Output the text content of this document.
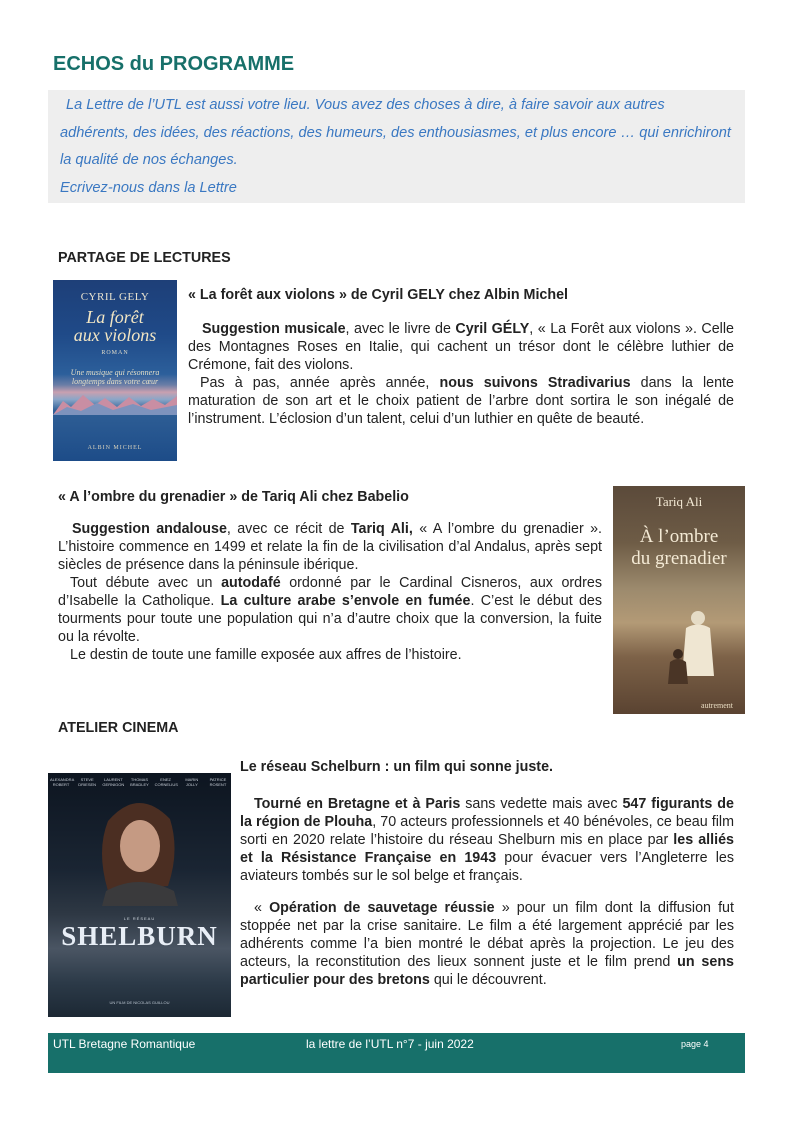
ECHOS du PROGRAMME
La Lettre de l’UTL est aussi votre lieu. Vous avez des choses à dire, à faire savoir aux autres adhérents, des idées, des réactions, des humeurs, des enthousiasmes, et plus encore … qui enrichiront la qualité de nos échanges.
Ecrivez-nous dans la Lettre
PARTAGE DE LECTURES
CYRIL GELY
La forêt
aux violons
ROMAN
Une musique qui résonnera longtemps dans votre cœur
ALBIN MICHEL
« La forêt aux violons » de Cyril GELY chez Albin Michel

Suggestion musicale, avec le livre de Cyril GÉLY, « La Forêt aux violons ». Celle des Montagnes Roses en Italie, qui cachent un trésor dont le célèbre luthier de Crémone, fait des violons.

Pas à pas, année après année, nous suivons Stradivarius dans la lente maturation de son art et le choix patient de l’arbre dont sortira le son inégalé de l’instrument. L’éclosion d’un talent, celui d’un luthier en quête de beauté.

« A l’ombre du grenadier » de Tariq Ali chez Babelio

Suggestion andalouse, avec ce récit de Tariq Ali, « A l’ombre du grenadier ». L’histoire commence en 1499 et relate la fin de la civilisation d’al Andalus, après sept siècles de présence dans la péninsule ibérique.

Tout débute avec un autodafé ordonné par le Cardinal Cisneros, aux ordres d’Isabelle la Catholique. La culture arabe s’envole en fumée. C’est le début des tourments pour toute une population qui n’a d’autre choix que la conversion, la fuite ou la révolte.

Le destin de toute une famille exposée aux affres de l’histoire.

Tariq Ali
À l’ombre
du grenadier
autrement
ATELIER CINEMA
ALEXANDRA ROBERT
STEVE DRIESEN
LAURENT GERNIGON
THOMAS BRADLEY
ENEZ CORNELIUS
MARIN JOLLY
PATRICE ROSENT
LE RÉSEAU
SHELBURN
UN FILM DE NICOLAS GUILLOU
Le réseau Schelburn : un film qui sonne juste.

Tourné en Bretagne et à Paris sans vedette mais avec 547 figurants de la région de Plouha, 70 acteurs professionnels et 40 bénévoles, ce beau film sorti en 2020 relate l’histoire du réseau Shelburn mis en place par les alliés et la Résistance Française en 1943 pour évacuer vers l’Angleterre les aviateurs tombés sur le sol belge et français.

« Opération de sauvetage réussie » pour un film dont la diffusion fut stoppée net par la crise sanitaire. Le film a été largement apprécié par les adhérents comme l’a bien montré le débat après la projection. Le jeu des acteurs, la reconstitution des lieux sonnent juste et le film prend un sens particulier pour des bretons qui le découvrent.

UTL Bretagne Romantique	la lettre de l’UTL n°7 - juin 2022	page 4
